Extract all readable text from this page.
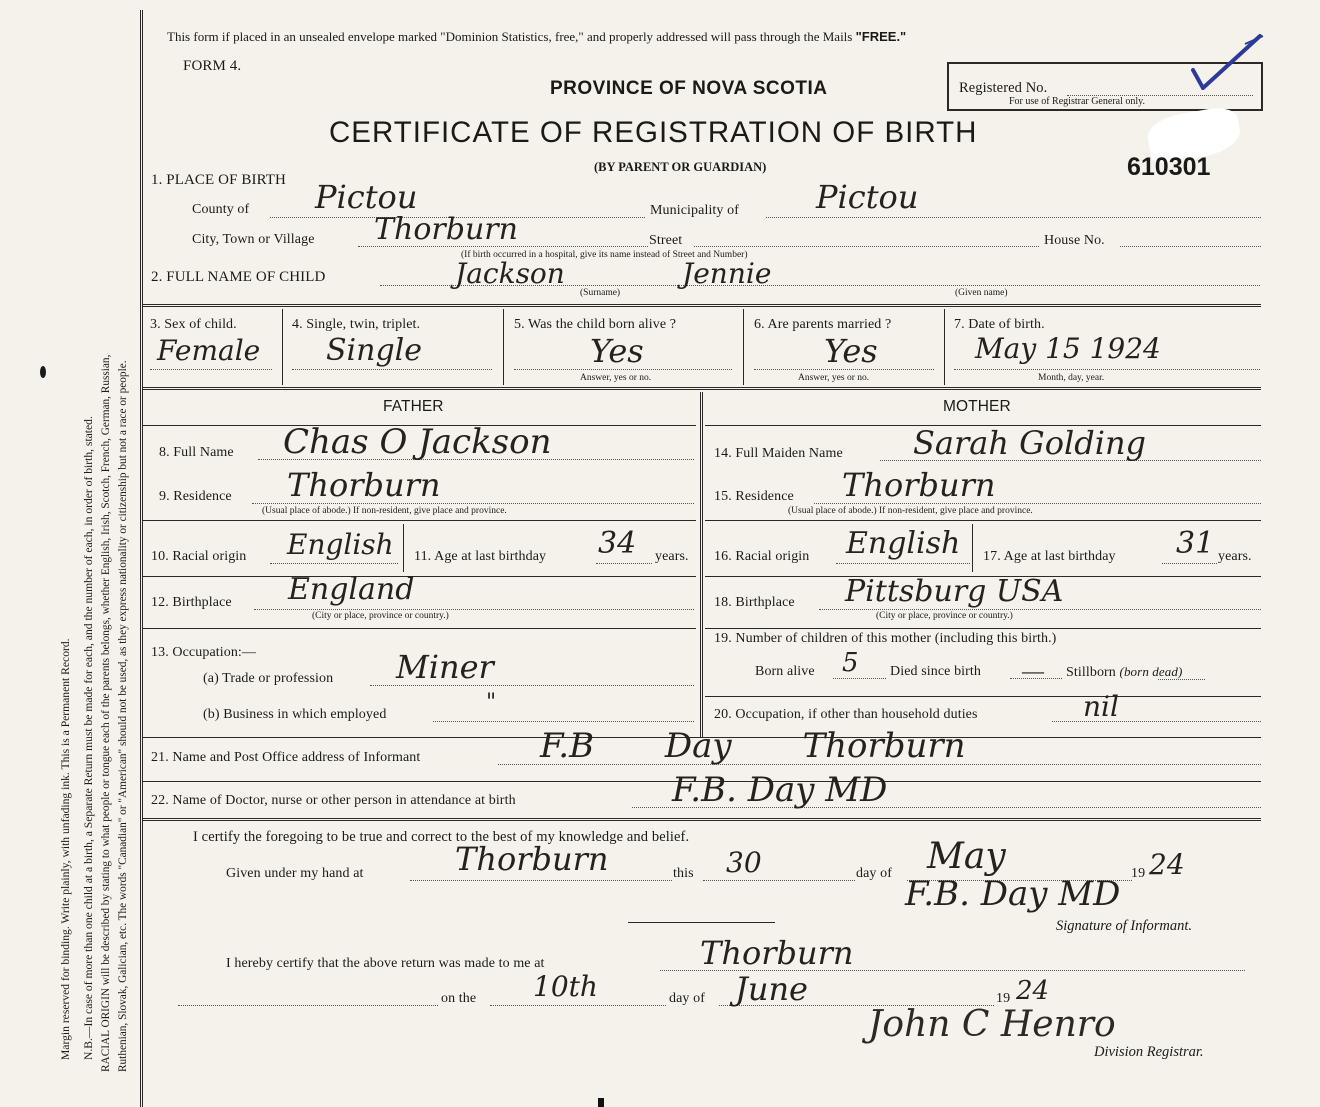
Margin reserved for binding. Write plainly, with unfading ink. This is a Permanent Record. N.B.—In case of more than one child at a birth, a Separate Return must be made for each, and the number of each, in order of birth, stated. RACIAL ORIGIN will be described by stating to what people or tongue each of the parents belongs, whether English, Irish, Scotch, French, German, Russian, Ruthenian, Slovak, Galician, etc. The words "Canadian" or "American" should not be used, as they express nationality or citizenship but not a race or people.
This form if placed in an unsealed envelope marked "Dominion Statistics, free," and properly addressed will pass through the Mails "FREE."
FORM 4.
PROVINCE OF NOVA SCOTIA
CERTIFICATE OF REGISTRATION OF BIRTH
(BY PARENT OR GUARDIAN)
Registered No.
For use of Registrar General only.
610301
1. PLACE OF BIRTH
County of Pictou	Municipality of Pictou
City, Town or Village Thorburn	Street	House No.
(If birth occurred in a hospital, give its name instead of Street and Number)
2. FULL NAME OF CHILD	Jackson	Jennie
(Surname)	(Given name)
3. Sex of child.
Female
4. Single, twin, triplet.
Single
5. Was the child born alive ?
Yes
Answer, yes or no.
6. Are parents married ?
Yes
Answer, yes or no.
7. Date of birth.
May 15 1924
Month, day, year.
FATHER	MOTHER
8. Full Name Chas O Jackson
9. Residence Thorburn
(Usual place of abode.) If non-resident, give place and province.
10. Racial origin English 11. Age at last birthday 34 years.
12. Birthplace England
(City or place, province or country.)
13. Occupation:—
(a) Trade or profession Miner
(b) Business in which employed	"
14. Full Maiden Name Sarah Golding
15. Residence Thorburn
(Usual place of abode.) If non-resident, give place and province.
16. Racial origin English 17. Age at last birthday 31 years.
18. Birthplace Pittsburg USA
(City or place, province or country.)
19. Number of children of this mother (including this birth.)
Born alive 5 Died since birth — Stillborn (born dead)
20. Occupation, if other than household duties	nil
21. Name and Post Office address of Informant	F.B Day Thorburn
22. Name of Doctor, nurse or other person in attendance at birth	F.B. Day MD
I certify the foregoing to be true and correct to the best of my knowledge and belief.
Given under my hand at	Thorburn	this 30	day of May	19 24
F.B. Day MD
Signature of Informant.
I hereby certify that the above return was made to me at	Thorburn
on the 10th	day of June	19 24
John C Henro
Division Registrar.
